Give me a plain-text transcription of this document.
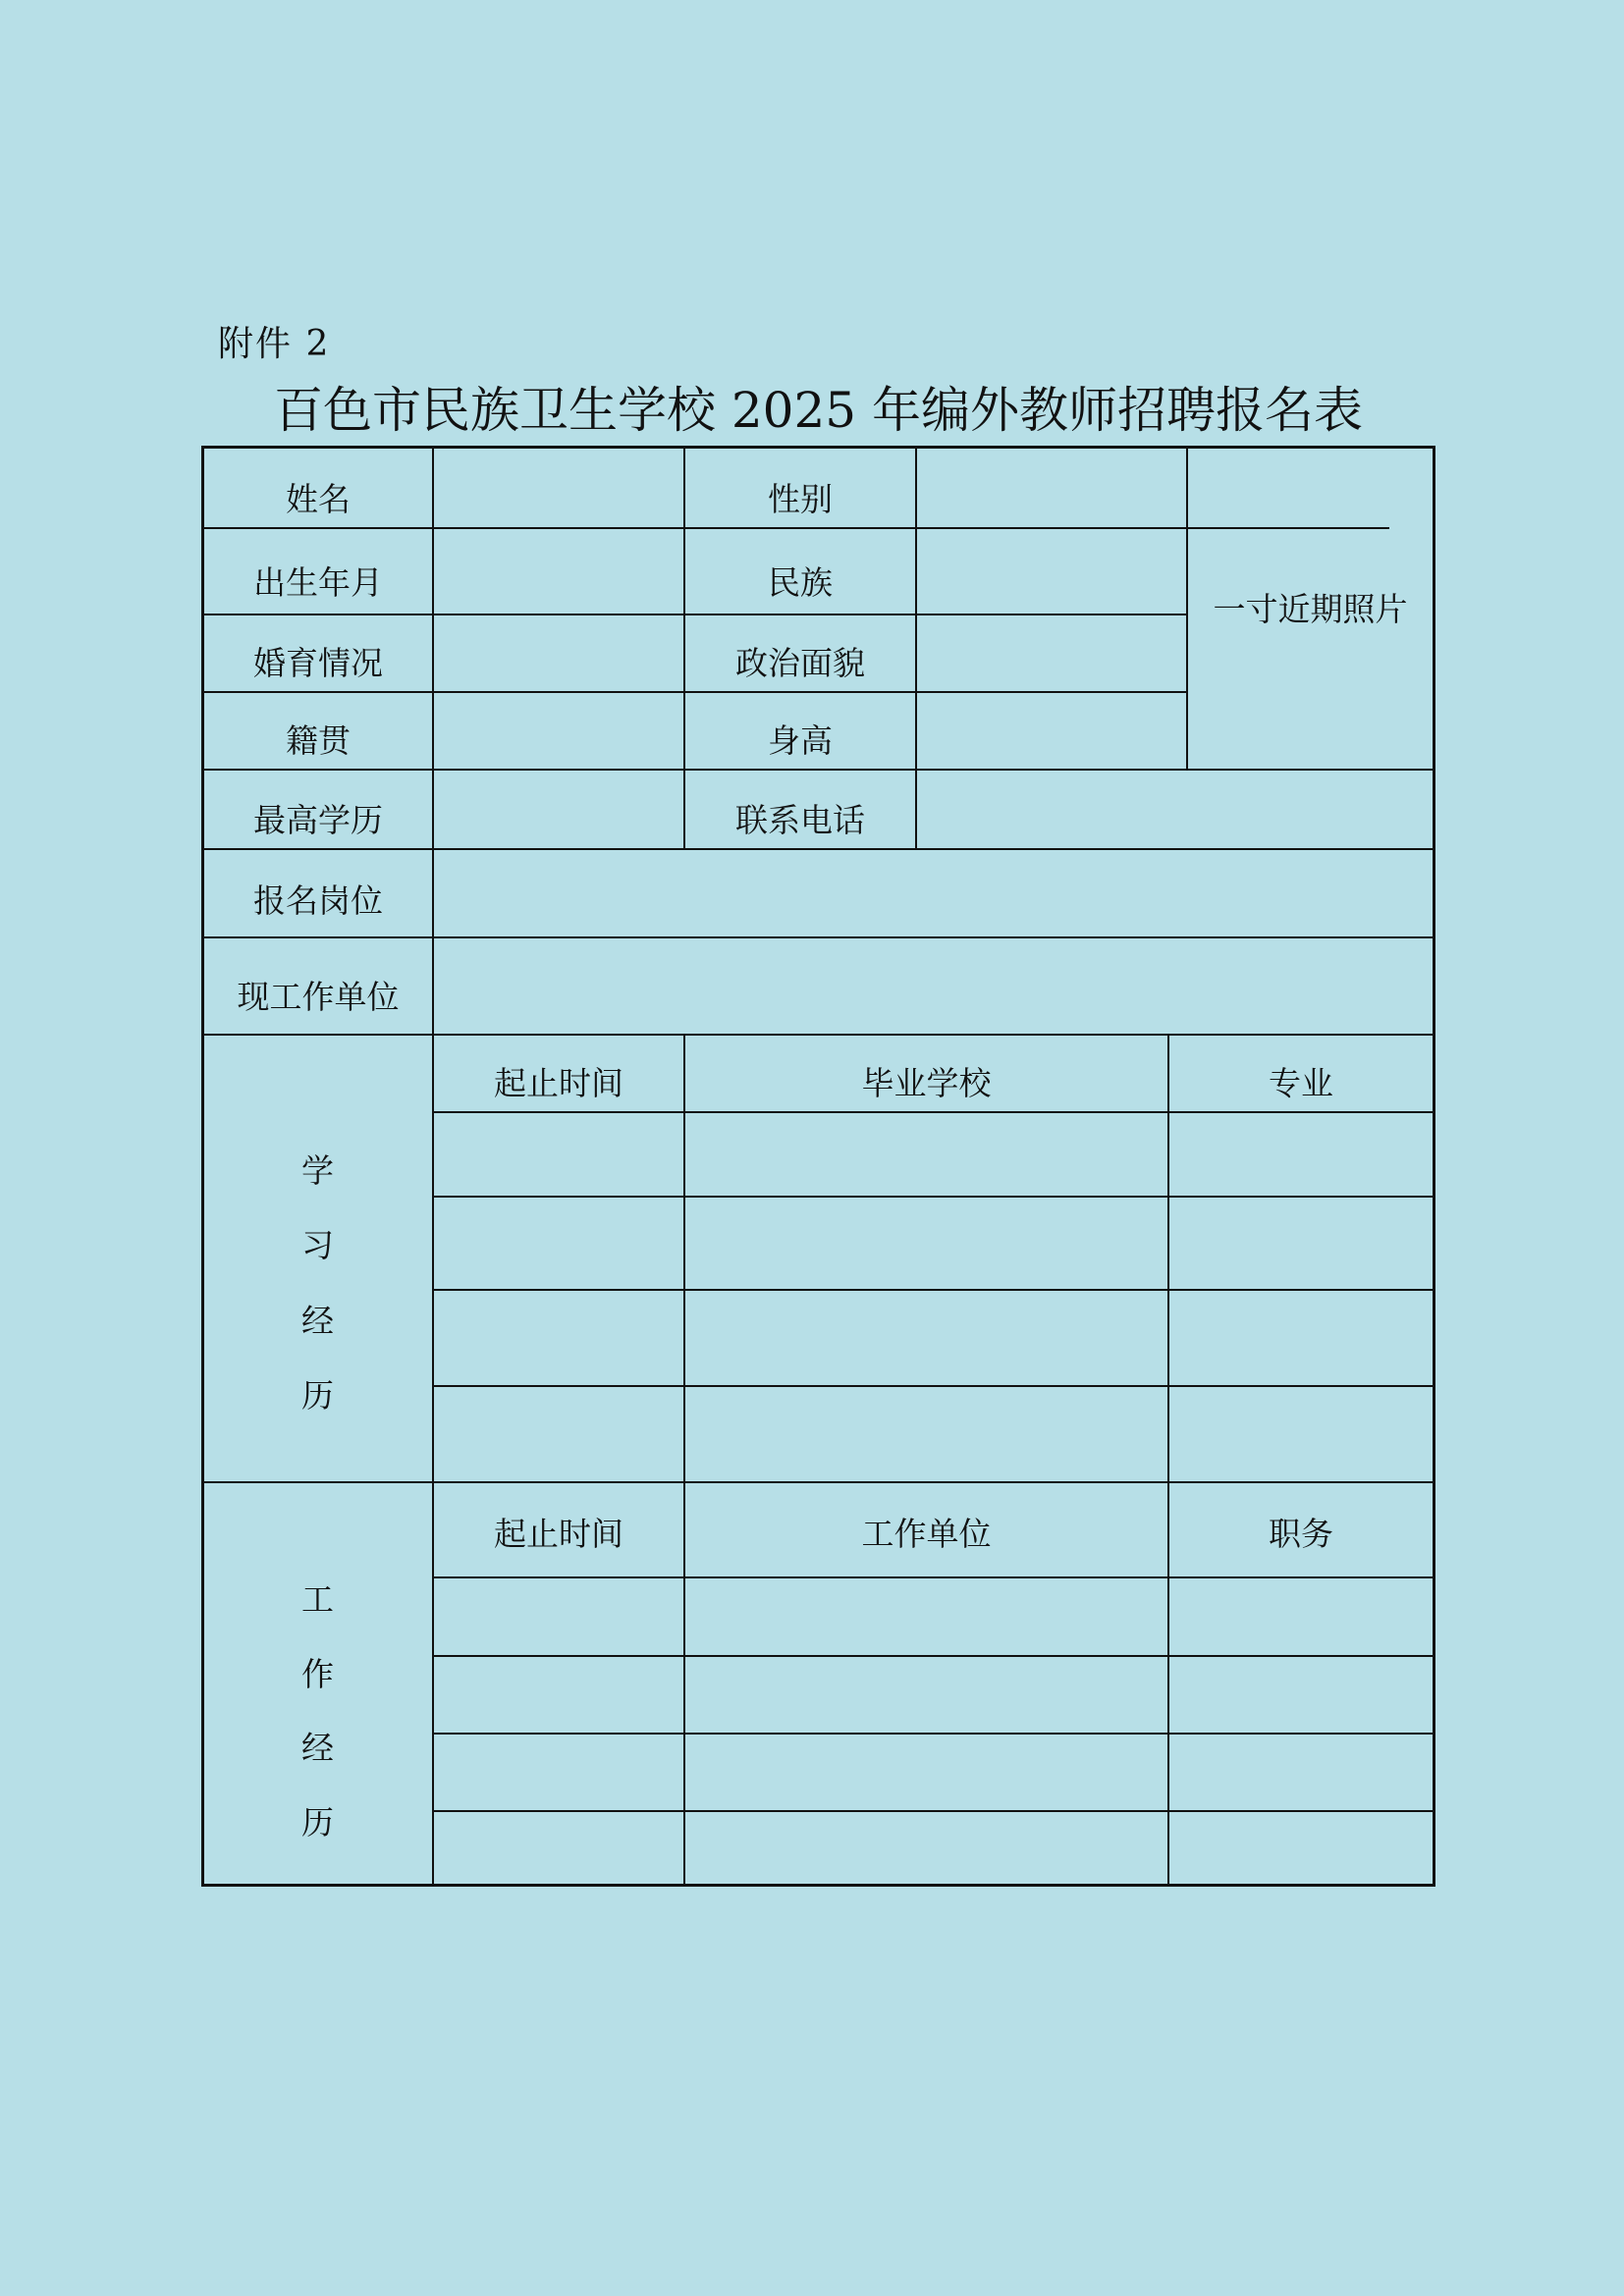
附件 2
百色市民族卫生学校 2025 年编外教师招聘报名表
姓名	性别
出生年月	民族
婚育情况	政治面貌
籍贯	身高
一寸近期照片
最高学历	联系电话
报名岗位
现工作单位
学
习
经
历
起止时间	毕业学校	专业
工
作
经
历
起止时间	工作单位	职务
